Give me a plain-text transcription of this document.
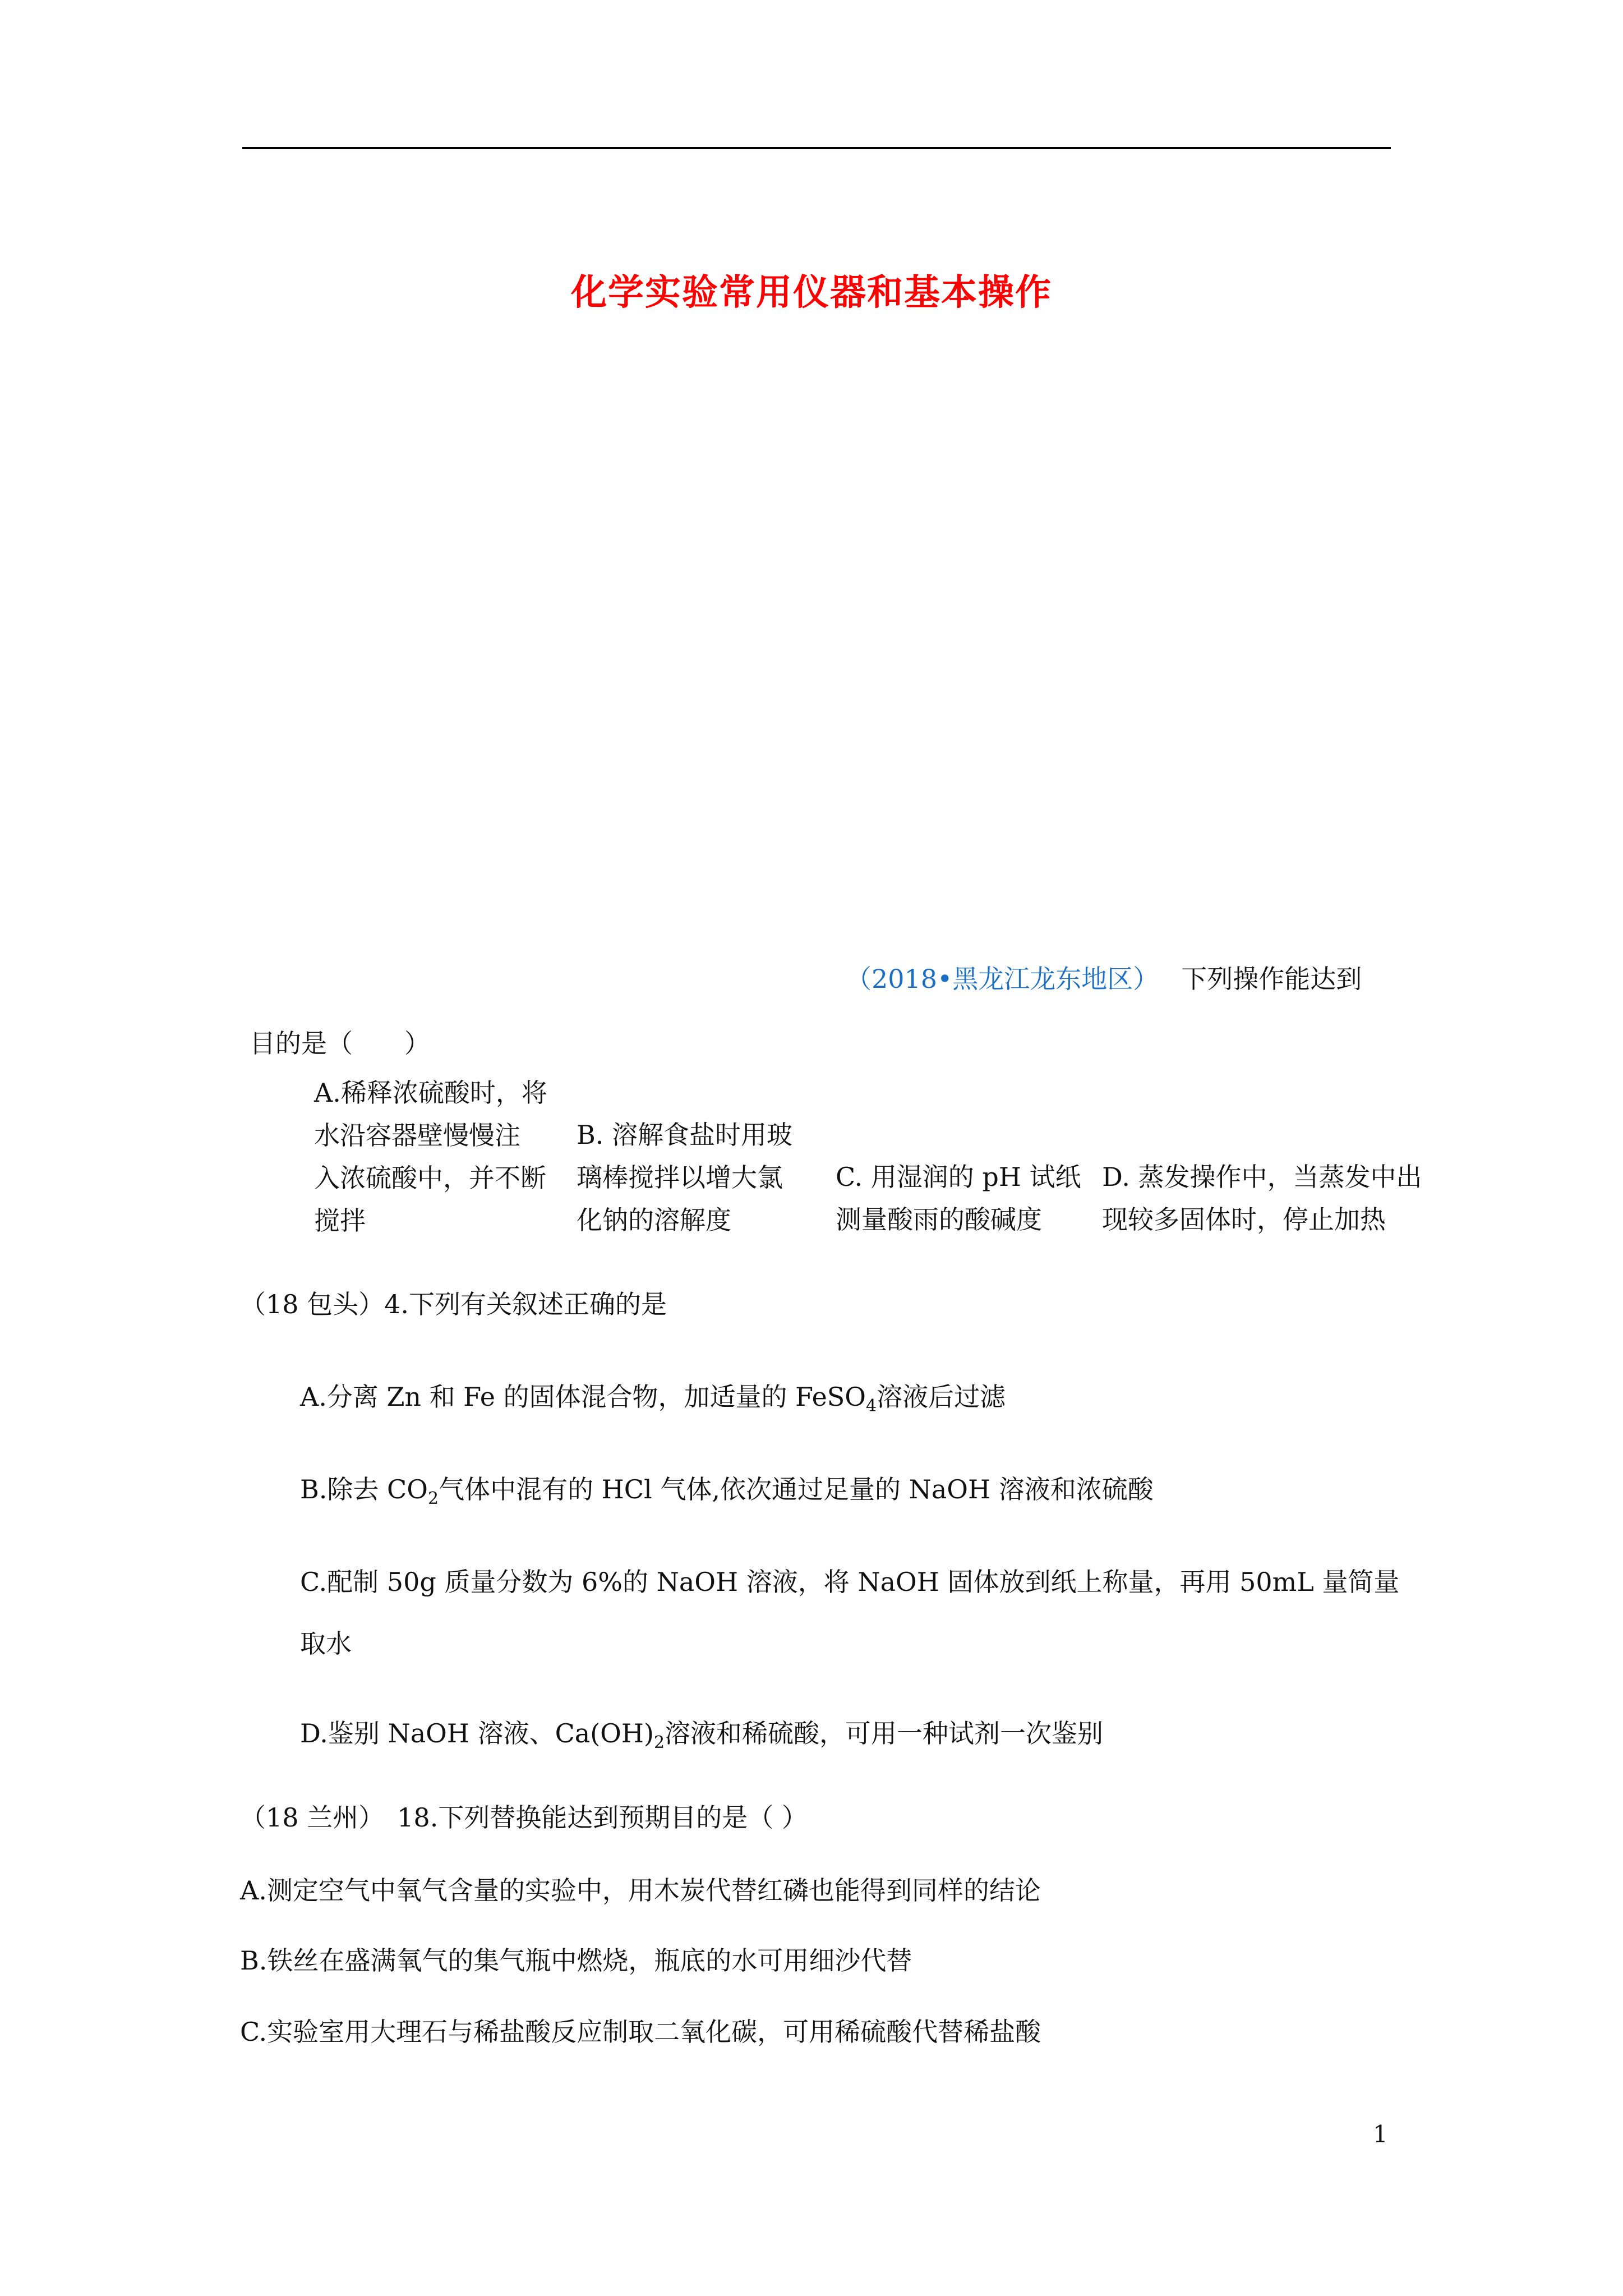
化学实验常用仪器和基本操作
（2018•黑龙江龙东地区） 下列操作能达到
目的是（　　）
A.稀释浓硫酸时，将
水沿容器壁慢慢注
入浓硫酸中，并不断
搅拌
B. 溶解食盐时用玻
璃棒搅拌以增大氯
化钠的溶解度
C. 用湿润的 pH 试纸
测量酸雨的酸碱度
D. 蒸发操作中，当蒸发中出
现较多固体时，停止加热
（18 包头）4.下列有关叙述正确的是
A.分离 Zn 和 Fe 的固体混合物，加适量的 FeSO$_4$溶液后过滤
B.除去 $CO_2$气体中混有的 HCl 气体,依次通过足量的 NaOH 溶液和浓硫酸
C.配制 50g 质量分数为 6%的 NaOH 溶液，将 NaOH 固体放到纸上称量，再用 50mL 量简量
取水
D.鉴别 NaOH 溶液、$Ca(OH)_2$溶液和稀硫酸，可用一种试剂一次鉴别
（18 兰州）　18.下列替换能达到预期目的是（ ）
A.测定空气中氧气含量的实验中，用木炭代替红磷也能得到同样的结论
B.铁丝在盛满氧气的集气瓶中燃烧，瓶底的水可用细沙代替
C.实验室用大理石与稀盐酸反应制取二氧化碳，可用稀硫酸代替稀盐酸
1
